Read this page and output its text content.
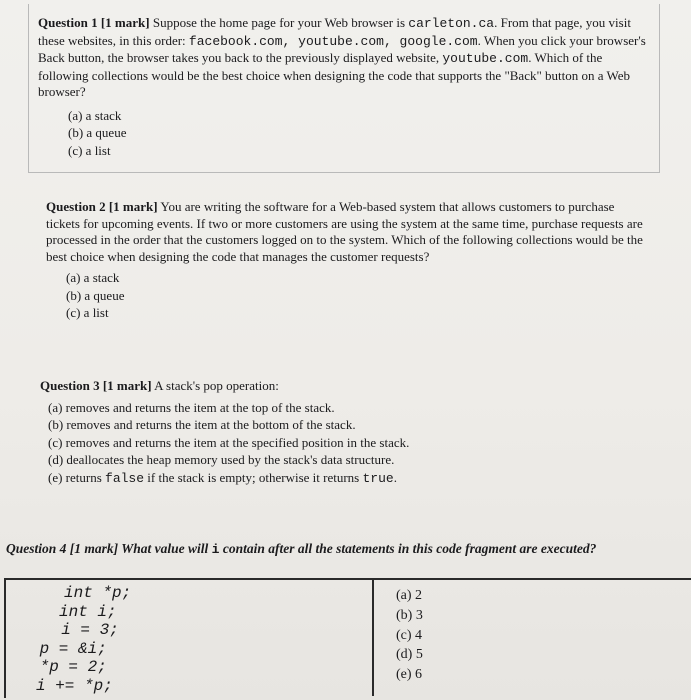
Question 1 [1 mark] Suppose the home page for your Web browser is carleton.ca. From that page, you visit these websites, in this order: facebook.com, youtube.com, google.com. When you click your browser's Back button, the browser takes you back to the previously displayed website, youtube.com. Which of the following collections would be the best choice when designing the code that supports the "Back" button on a Web browser?

(a) a stack
(b) a queue
(c) a list

Question 2 [1 mark] You are writing the software for a Web-based system that allows customers to purchase tickets for upcoming events. If two or more customers are using the system at the same time, purchase requests are processed in the order that the customers logged on to the system. Which of the following collections would be the best choice when designing the code that manages the customer requests?

(a) a stack
(b) a queue
(c) a list

Question 3 [1 mark] A stack's pop operation:

(a) removes and returns the item at the top of the stack.
(b) removes and returns the item at the bottom of the stack.
(c) removes and returns the item at the specified position in the stack.
(d) deallocates the heap memory used by the stack's data structure.
(e) returns false if the stack is empty; otherwise it returns true.

Question 4 [1 mark] What value will i contain after all the statements in this code fragment are executed?

int *p;
int i;
i = 3;
p = &i;
*p = 2;
i += *p;
(a) 2
(b) 3
(c) 4
(d) 5
(e) 6
